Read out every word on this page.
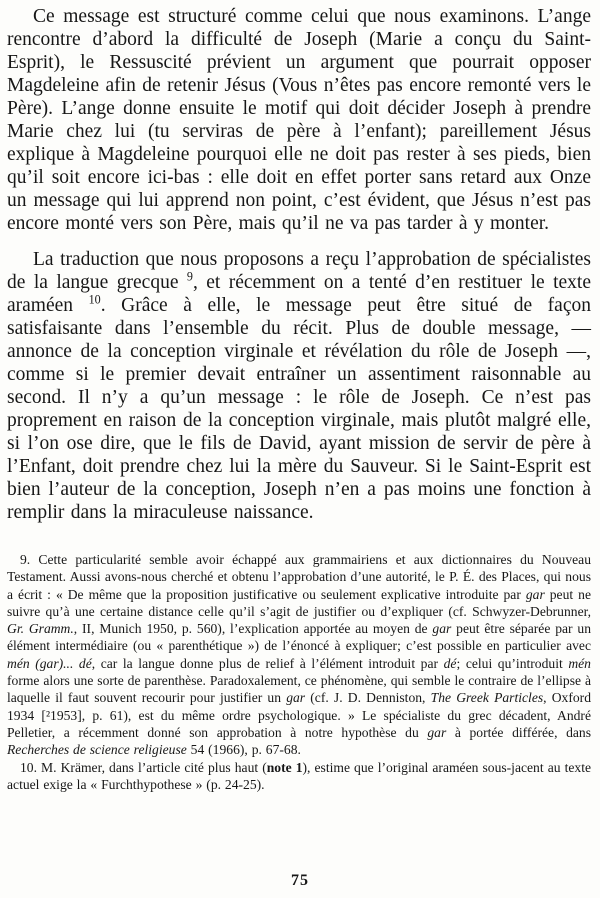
Ce message est structuré comme celui que nous examinons. L’ange rencontre d’abord la difficulté de Joseph (Marie a conçu du Saint-Esprit), le Ressuscité prévient un argument que pourrait opposer Magdeleine afin de retenir Jésus (Vous n’êtes pas encore remonté vers le Père). L’ange donne ensuite le motif qui doit décider Joseph à prendre Marie chez lui (tu serviras de père à l’enfant); pareillement Jésus explique à Magdeleine pourquoi elle ne doit pas rester à ses pieds, bien qu’il soit encore ici-bas : elle doit en effet porter sans retard aux Onze un message qui lui apprend non point, c’est évident, que Jésus n’est pas encore monté vers son Père, mais qu’il ne va pas tarder à y monter.

La traduction que nous proposons a reçu l’approbation de spécialistes de la langue grecque $^9$, et récemment on a tenté d’en restituer le texte araméen $^{10}$. Grâce à elle, le message peut être situé de façon satisfaisante dans l’ensemble du récit. Plus de double message, — annonce de la conception virginale et révélation du rôle de Joseph —, comme si le premier devait entraîner un assentiment raisonnable au second. Il n’y a qu’un message : le rôle de Joseph. Ce n’est pas proprement en raison de la conception virginale, mais plutôt malgré elle, si l’on ose dire, que le fils de David, ayant mission de servir de père à l’Enfant, doit prendre chez lui la mère du Sauveur. Si le Saint-Esprit est bien l’auteur de la conception, Joseph n’en a pas moins une fonction à remplir dans la miraculeuse naissance.

9. Cette particularité semble avoir échappé aux grammairiens et aux dictionnaires du Nouveau Testament. Aussi avons-nous cherché et obtenu l’approbation d’une autorité, le P. É. des Places, qui nous a écrit : « De même que la proposition justificative ou seulement explicative introduite par gar peut ne suivre qu’à une certaine distance celle qu’il s’agit de justifier ou d’expliquer (cf. Schwyzer-Debrunner, Gr. Gramm., II, Munich 1950, p. 560), l’explication apportée au moyen de gar peut être séparée par un élément intermédiaire (ou « parenthétique ») de l’énoncé à expliquer; c’est possible en particulier avec mén (gar)... dé, car la langue donne plus de relief à l’élément introduit par dé; celui qu’introduit mén forme alors une sorte de parenthèse. Paradoxalement, ce phénomène, qui semble le contraire de l’ellipse à laquelle il faut souvent recourir pour justifier un gar (cf. J. D. Denniston, The Greek Particles, Oxford 1934 [²1953], p. 61), est du même ordre psychologique. » Le spécialiste du grec décadent, André Pelletier, a récemment donné son approbation à notre hypothèse du gar à portée différée, dans Recherches de science religieuse 54 (1966), p. 67-68.

10. M. Krämer, dans l’article cité plus haut (note 1), estime que l’original araméen sous-jacent au texte actuel exige la « Furchthypothese » (p. 24-25).

75
